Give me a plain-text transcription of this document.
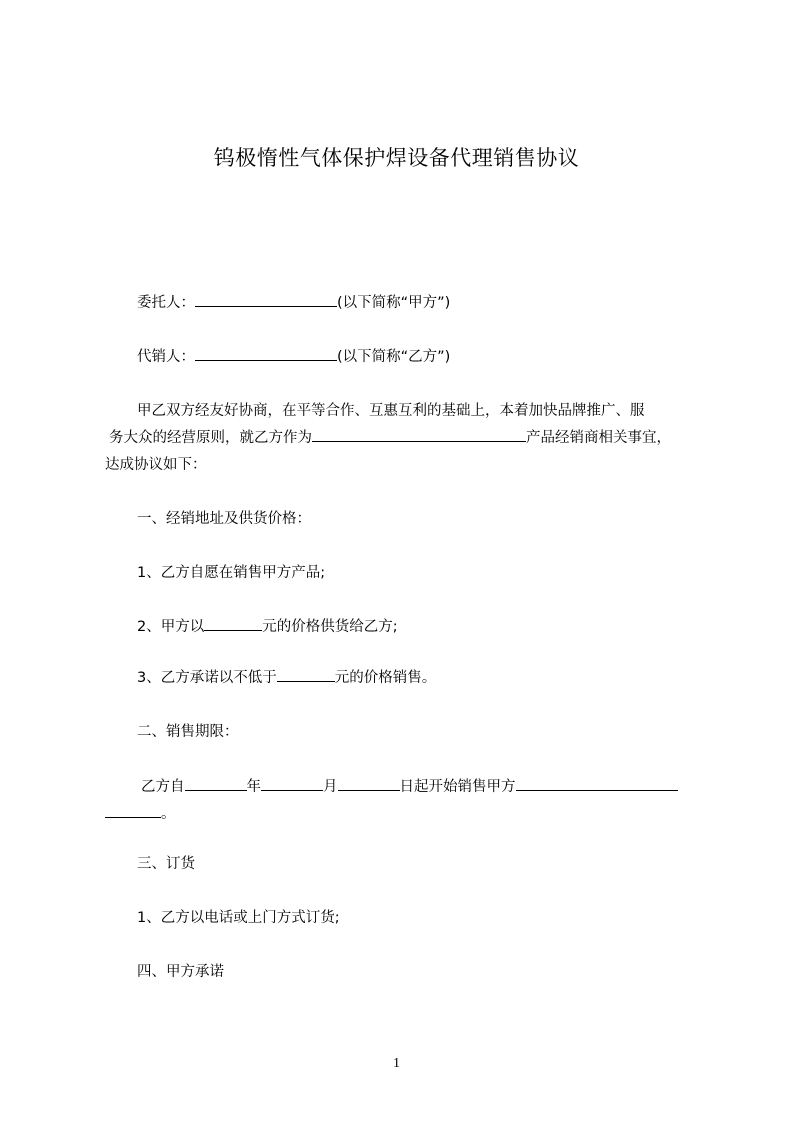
钨极惰性气体保护焊设备代理销售协议
委托人：	(以下简称“甲方”)
代销人：	(以下简称“乙方”)
甲乙双方经友好协商，在平等合作、互惠互利的基础上，本着加快品牌推广、服
务大众的经营原则，就乙方作为	产品经销商相关事宜，
达成协议如下：
一、经销地址及供货价格：
1、乙方自愿在销售甲方产品;
2、甲方以	元的价格供货给乙方;
3、乙方承诺以不低于	元的价格销售。
二、销售期限：
乙方自	年	月	日起开始销售甲方
。
三、订货
1、乙方以电话或上门方式订货;
四、甲方承诺
1
